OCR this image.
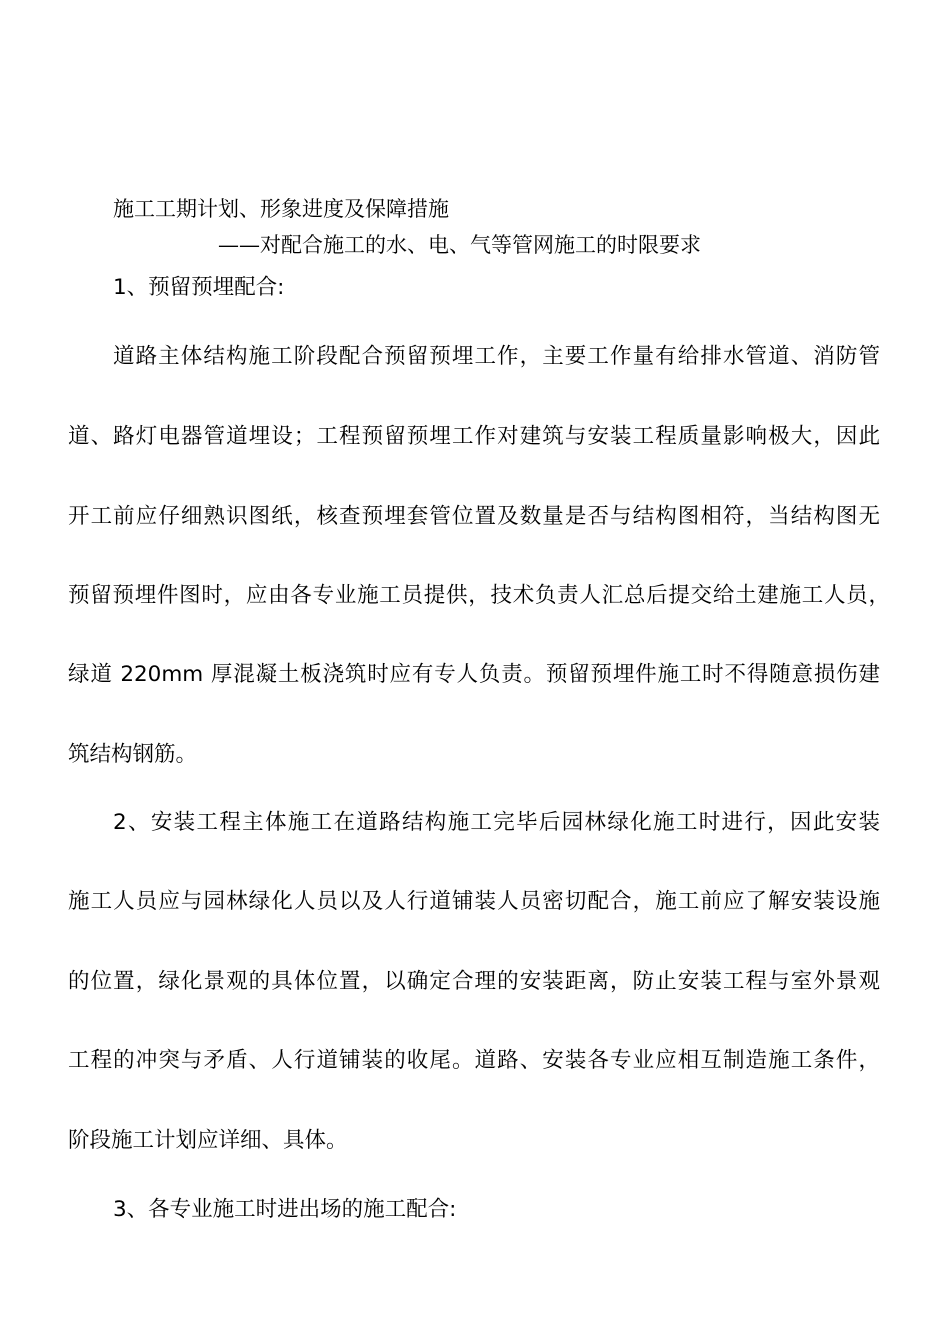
施工工期计划、形象进度及保障措施

——对配合施工的水、电、气等管网施工的时限要求

1、预留预埋配合:

道路主体结构施工阶段配合预留预埋工作，主要工作量有给排水管道、消防管

道、路灯电器管道埋设；工程预留预埋工作对建筑与安装工程质量影响极大，因此

开工前应仔细熟识图纸，核查预埋套管位置及数量是否与结构图相符，当结构图无

预留预埋件图时，应由各专业施工员提供，技术负责人汇总后提交给土建施工人员，

绿道 220mm 厚混凝土板浇筑时应有专人负责。预留预埋件施工时不得随意损伤建

筑结构钢筋。

2、安装工程主体施工在道路结构施工完毕后园林绿化施工时进行，因此安装

施工人员应与园林绿化人员以及人行道铺装人员密切配合，施工前应了解安装设施

的位置，绿化景观的具体位置，以确定合理的安装距离，防止安装工程与室外景观

工程的冲突与矛盾、人行道铺装的收尾。道路、安装各专业应相互制造施工条件，

阶段施工计划应详细、具体。

3、各专业施工时进出场的施工配合:
